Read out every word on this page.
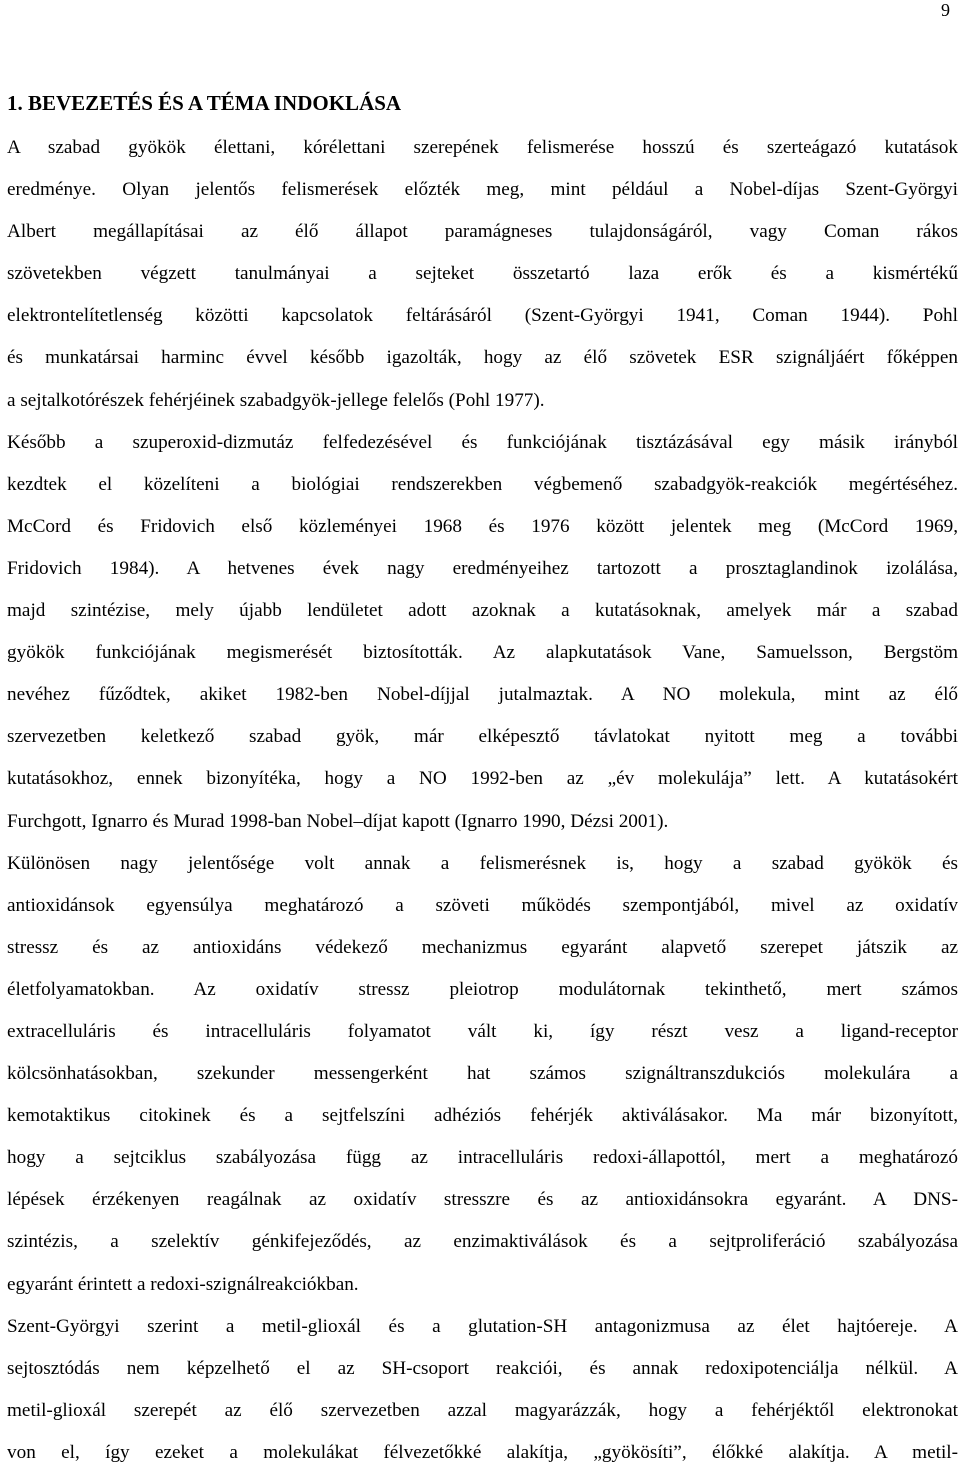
9
1. BEVEZETÉS ÉS A TÉMA INDOKLÁSA
A szabad gyökök élettani, kórélettani szerepének felismerése hosszú és szerteágazó kutatások
eredménye. Olyan jelentős felismerések előzték meg, mint például a Nobel-díjas Szent-Györgyi
Albert megállapításai az élő állapot paramágneses tulajdonságáról, vagy Coman rákos
szövetekben végzett tanulmányai a sejteket összetartó laza erők és a kismértékű
elektrontelítetlenség közötti kapcsolatok feltárásáról (Szent-Györgyi 1941, Coman 1944). Pohl
és munkatársai harminc évvel később igazolták, hogy az élő szövetek ESR szignáljáért főképpen
a sejtalkotórészek fehérjéinek szabadgyök-jellege felelős (Pohl 1977).
Később a szuperoxid-dizmutáz felfedezésével és funkciójának tisztázásával egy másik irányból
kezdtek el közelíteni a biológiai rendszerekben végbemenő szabadgyök-reakciók megértéséhez.
McCord és Fridovich első közleményei 1968 és 1976 között jelentek meg (McCord 1969,
Fridovich 1984). A hetvenes évek nagy eredményeihez tartozott a prosztaglandinok izolálása,
majd szintézise, mely újabb lendületet adott azoknak a kutatásoknak, amelyek már a szabad
gyökök funkciójának megismerését biztosították. Az alapkutatások Vane, Samuelsson, Bergstöm
nevéhez fűződtek, akiket 1982-ben Nobel-díjjal jutalmaztak. A NO molekula, mint az élő
szervezetben keletkező szabad gyök, már elképesztő távlatokat nyitott meg a további
kutatásokhoz, ennek bizonyítéka, hogy a NO 1992-ben az „év molekulája” lett. A kutatásokért
Furchgott, Ignarro és Murad 1998-ban Nobel–díjat kapott (Ignarro 1990, Dézsi 2001).
Különösen nagy jelentősége volt annak a felismerésnek is, hogy a szabad gyökök és
antioxidánsok egyensúlya meghatározó a szöveti működés szempontjából, mivel az oxidatív
stressz és az antioxidáns védekező mechanizmus egyaránt alapvető szerepet játszik az
életfolyamatokban. Az oxidatív stressz pleiotrop modulátornak tekinthető, mert számos
extracelluláris és intracelluláris folyamatot vált ki, így részt vesz a ligand-receptor
kölcsönhatásokban, szekunder messengerként hat számos szignáltranszdukciós molekulára a
kemotaktikus citokinek és a sejtfelszíni adhéziós fehérjék aktiválásakor. Ma már bizonyított,
hogy a sejtciklus szabályozása függ az intracelluláris redoxi-állapottól, mert a meghatározó
lépések érzékenyen reagálnak az oxidatív stresszre és az antioxidánsokra egyaránt. A DNS-
szintézis, a szelektív génkifejeződés, az enzimaktiválások és a sejtproliferáció szabályozása
egyaránt érintett a redoxi-szignálreakciókban.
Szent-Györgyi szerint a metil-glioxál és a glutation-SH antagonizmusa az élet hajtóereje. A
sejtosztódás nem képzelhető el az SH-csoport reakciói, és annak redoxipotenciálja nélkül. A
metil-glioxál szerepét az élő szervezetben azzal magyarázzák, hogy a fehérjéktől elektronokat
von el, így ezeket a molekulákat félvezetőkké alakítja, „gyökösíti”, élőkké alakítja. A metil-
